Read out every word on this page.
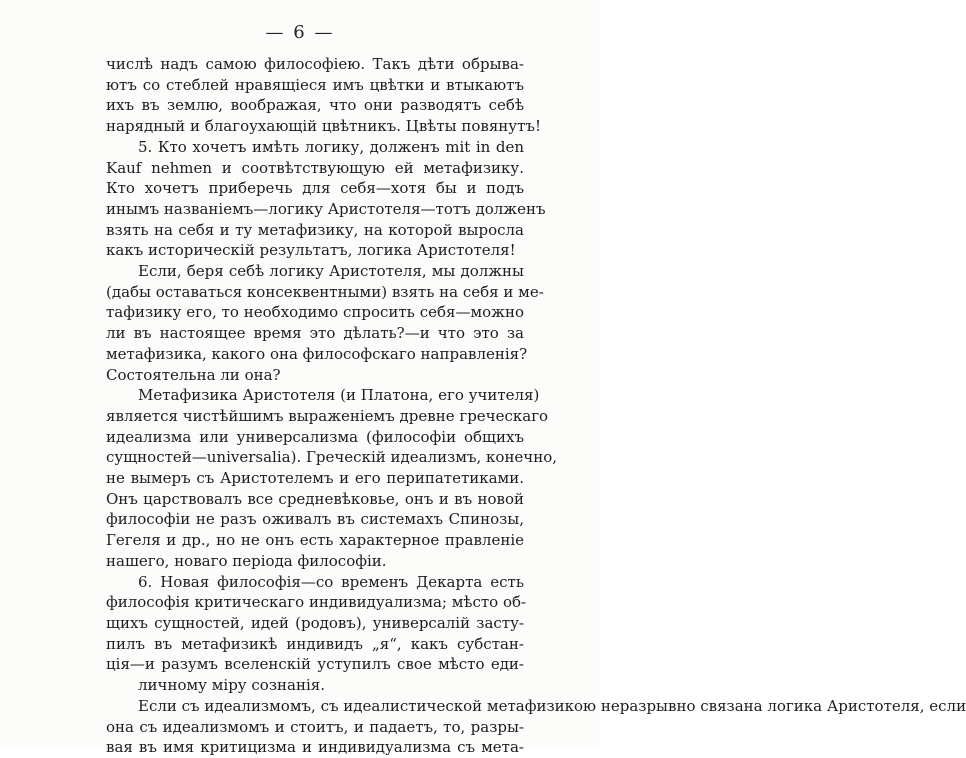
— 6 —
числѣ надъ самою философiею. Такъ дѣти обрыва-
ютъ со стеблей нравящiеся имъ цвѣтки и втыкаютъ
ихъ въ землю, воображая, что они разводятъ себѣ
нарядный и благоухающiй цвѣтникъ. Цвѣты повянутъ!
5. Кто хочетъ имѣть логику, долженъ mit in den
Kauf nehmen и соотвѣтствующую ей метафизику.
Кто хочетъ приберечь для себя—хотя бы и подъ
инымъ названiемъ—логику Аристотеля—тотъ долженъ
взять на себя и ту метафизику, на которой выросла
какъ историческiй результатъ, логика Аристотеля!
Если, беря себѣ логику Аристотеля, мы должны
(дабы оставаться консеквентными) взять на себя и ме-
тафизику его, то необходимо спросить себя—можно
ли въ настоящее время это дѣлать?—и что это за
метафизика, какого она философскаго направленiя?
Состоятельна ли она?
Метафизика Аристотеля (и Платона, его учителя)
является чистѣйшимъ выраженiемъ древне греческаго
идеализма или универсализма (философiи общихъ
сущностей—universalia). Греческiй идеализмъ, конечно,
не вымеръ съ Аристотелемъ и его перипатетиками.
Онъ царствовалъ все средневѣковье, онъ и въ новой
философiи не разъ оживалъ въ системахъ Спинозы,
Гегеля и др., но не онъ есть характерное правленiе
нашего, новаго перiода философiи.
6. Новая философiя—со временъ Декарта есть
философiя критическаго индивидуализма; мѣсто об-
щихъ сущностей, идей (родовъ), универсалiй засту-
пилъ въ метафизикѣ индивидъ „я“, какъ субстан-
цiя—и разумъ вселенскiй уступилъ свое мѣсто еди-
личному мiру сознанiя.
Если съ идеализмомъ, съ идеалистической метафизикою неразрывно связана логика Аристотеля, если
она съ идеализмомъ и стоитъ, и падаетъ, то, разры-
вая въ имя критицизма и индивидуализма съ мета-
